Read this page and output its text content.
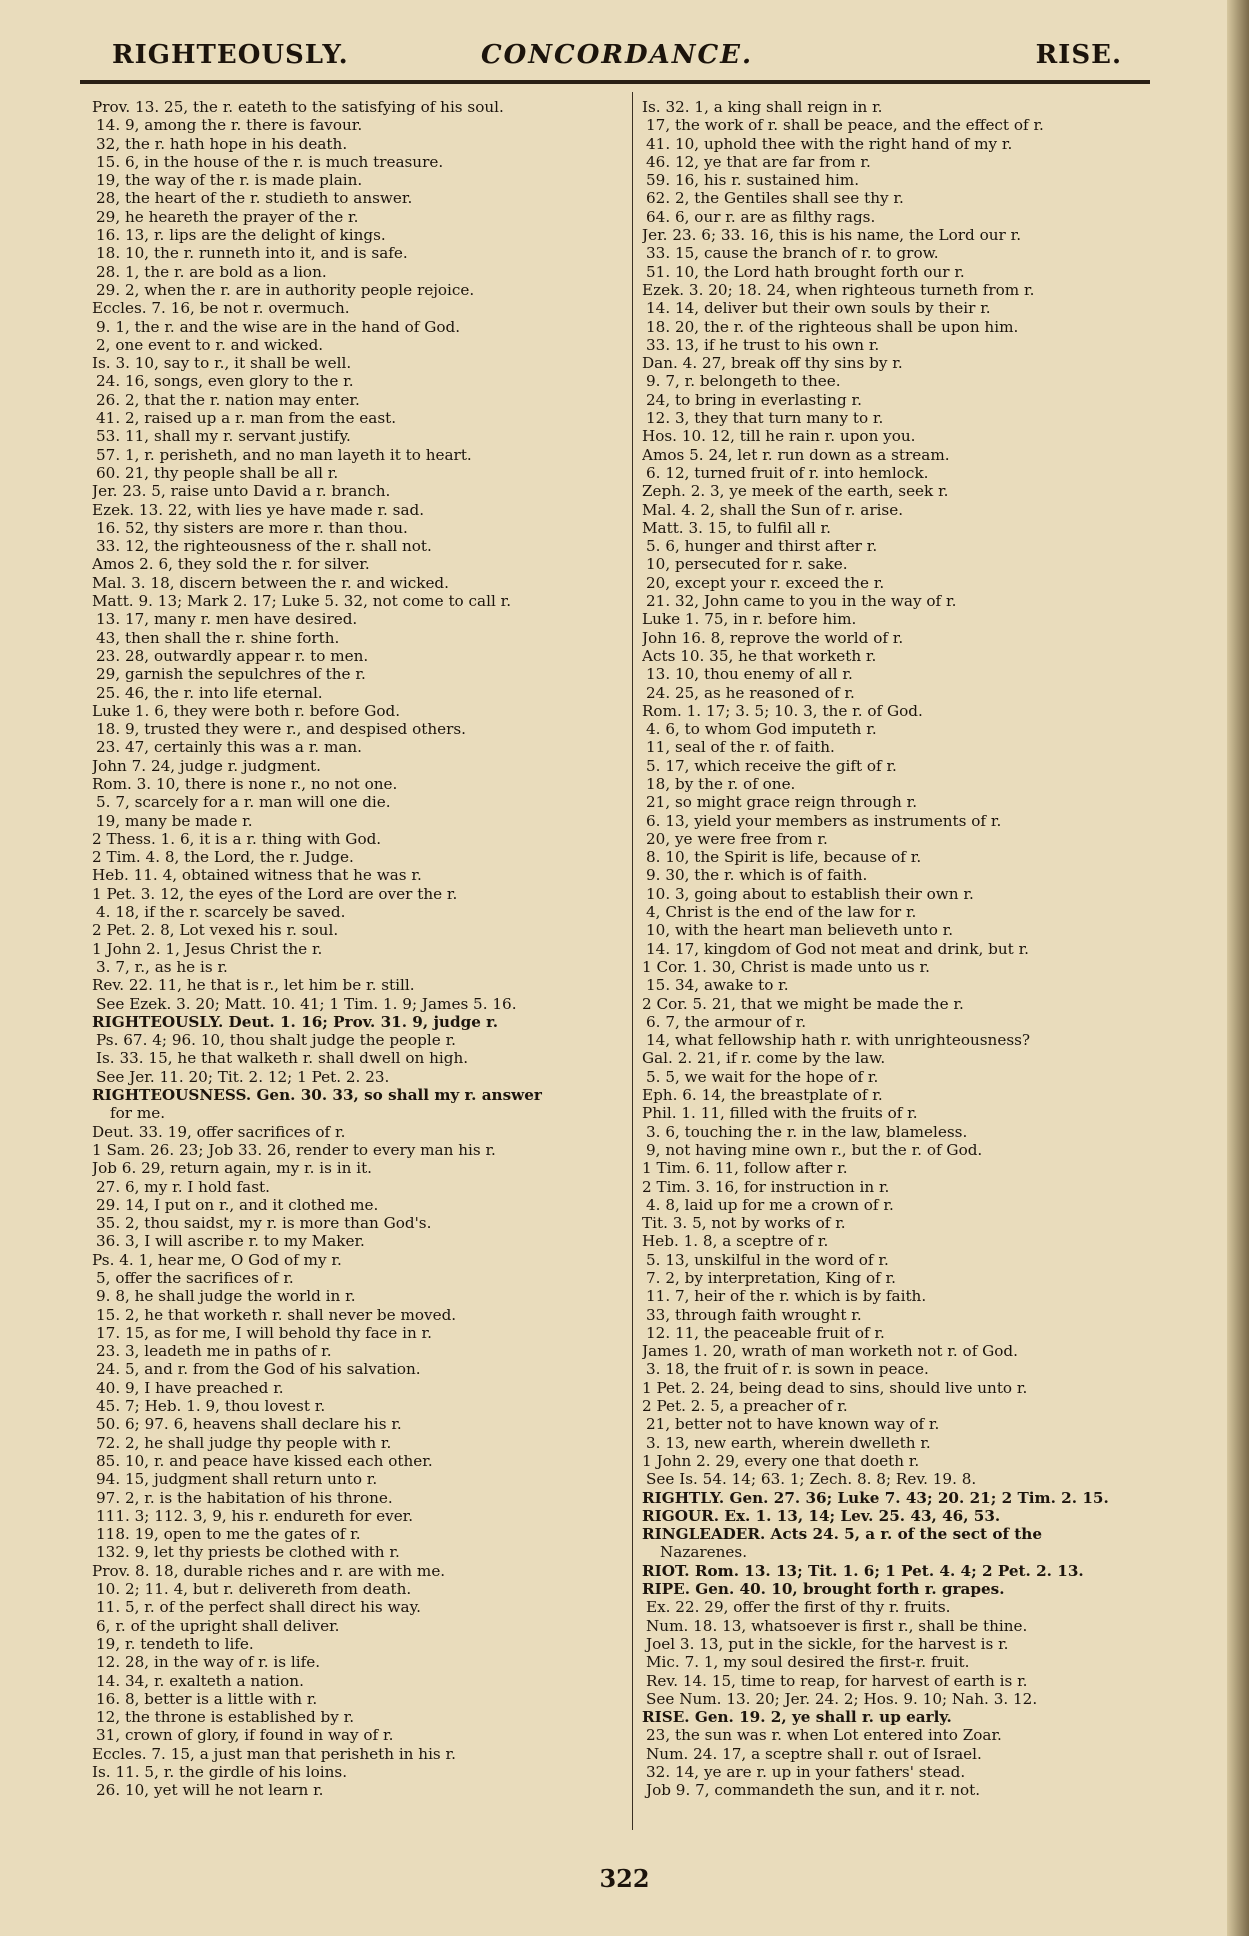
CONCORDANCE.
RIGHTEOUSLY.	RISE.
Prov. 13. 25, the r. eateth to the satisfying of his soul.
14. 9, among the r. there is favour.
32, the r. hath hope in his death.
15. 6, in the house of the r. is much treasure.
19, the way of the r. is made plain.
28, the heart of the r. studieth to answer.
29, he heareth the prayer of the r.
16. 13, r. lips are the delight of kings.
18. 10, the r. runneth into it, and is safe.
28. 1, the r. are bold as a lion.
29. 2, when the r. are in authority people rejoice.
Eccles. 7. 16, be not r. overmuch.
9. 1, the r. and the wise are in the hand of God.
2, one event to r. and wicked.
Is. 3. 10, say to r., it shall be well.
24. 16, songs, even glory to the r.
26. 2, that the r. nation may enter.
41. 2, raised up a r. man from the east.
53. 11, shall my r. servant justify.
57. 1, r. perisheth, and no man layeth it to heart.
60. 21, thy people shall be all r.
Jer. 23. 5, raise unto David a r. branch.
Ezek. 13. 22, with lies ye have made r. sad.
16. 52, thy sisters are more r. than thou.
33. 12, the righteousness of the r. shall not.
Amos 2. 6, they sold the r. for silver.
Mal. 3. 18, discern between the r. and wicked.
Matt. 9. 13; Mark 2. 17; Luke 5. 32, not come to call r.
13. 17, many r. men have desired.
43, then shall the r. shine forth.
23. 28, outwardly appear r. to men.
29, garnish the sepulchres of the r.
25. 46, the r. into life eternal.
Luke 1. 6, they were both r. before God.
18. 9, trusted they were r., and despised others.
23. 47, certainly this was a r. man.
John 7. 24, judge r. judgment.
Rom. 3. 10, there is none r., no not one.
5. 7, scarcely for a r. man will one die.
19, many be made r.
2 Thess. 1. 6, it is a r. thing with God.
2 Tim. 4. 8, the Lord, the r. Judge.
Heb. 11. 4, obtained witness that he was r.
1 Pet. 3. 12, the eyes of the Lord are over the r.
4. 18, if the r. scarcely be saved.
2 Pet. 2. 8, Lot vexed his r. soul.
1 John 2. 1, Jesus Christ the r.
3. 7, r., as he is r.
Rev. 22. 11, he that is r., let him be r. still.
See Ezek. 3. 20; Matt. 10. 41; 1 Tim. 1. 9; James 5. 16.
RIGHTEOUSLY. Deut. 1. 16; Prov. 31. 9, judge r.
Ps. 67. 4; 96. 10, thou shalt judge the people r.
Is. 33. 15, he that walketh r. shall dwell on high.
See Jer. 11. 20; Tit. 2. 12; 1 Pet. 2. 23.
RIGHTEOUSNESS. Gen. 30. 33, so shall my r. answer
for me.
Deut. 33. 19, offer sacrifices of r.
1 Sam. 26. 23; Job 33. 26, render to every man his r.
Job 6. 29, return again, my r. is in it.
27. 6, my r. I hold fast.
29. 14, I put on r., and it clothed me.
35. 2, thou saidst, my r. is more than God's.
36. 3, I will ascribe r. to my Maker.
Ps. 4. 1, hear me, O God of my r.
5, offer the sacrifices of r.
9. 8, he shall judge the world in r.
15. 2, he that worketh r. shall never be moved.
17. 15, as for me, I will behold thy face in r.
23. 3, leadeth me in paths of r.
24. 5, and r. from the God of his salvation.
40. 9, I have preached r.
45. 7; Heb. 1. 9, thou lovest r.
50. 6; 97. 6, heavens shall declare his r.
72. 2, he shall judge thy people with r.
85. 10, r. and peace have kissed each other.
94. 15, judgment shall return unto r.
97. 2, r. is the habitation of his throne.
111. 3; 112. 3, 9, his r. endureth for ever.
118. 19, open to me the gates of r.
132. 9, let thy priests be clothed with r.
Prov. 8. 18, durable riches and r. are with me.
10. 2; 11. 4, but r. delivereth from death.
11. 5, r. of the perfect shall direct his way.
6, r. of the upright shall deliver.
19, r. tendeth to life.
12. 28, in the way of r. is life.
14. 34, r. exalteth a nation.
16. 8, better is a little with r.
12, the throne is established by r.
31, crown of glory, if found in way of r.
Eccles. 7. 15, a just man that perisheth in his r.
Is. 11. 5, r. the girdle of his loins.
26. 10, yet will he not learn r.
Is. 32. 1, a king shall reign in r.
17, the work of r. shall be peace, and the effect of r.
41. 10, uphold thee with the right hand of my r.
46. 12, ye that are far from r.
59. 16, his r. sustained him.
62. 2, the Gentiles shall see thy r.
64. 6, our r. are as filthy rags.
Jer. 23. 6; 33. 16, this is his name, the Lord our r.
33. 15, cause the branch of r. to grow.
51. 10, the Lord hath brought forth our r.
Ezek. 3. 20; 18. 24, when righteous turneth from r.
14. 14, deliver but their own souls by their r.
18. 20, the r. of the righteous shall be upon him.
33. 13, if he trust to his own r.
Dan. 4. 27, break off thy sins by r.
9. 7, r. belongeth to thee.
24, to bring in everlasting r.
12. 3, they that turn many to r.
Hos. 10. 12, till he rain r. upon you.
Amos 5. 24, let r. run down as a stream.
6. 12, turned fruit of r. into hemlock.
Zeph. 2. 3, ye meek of the earth, seek r.
Mal. 4. 2, shall the Sun of r. arise.
Matt. 3. 15, to fulfil all r.
5. 6, hunger and thirst after r.
10, persecuted for r. sake.
20, except your r. exceed the r.
21. 32, John came to you in the way of r.
Luke 1. 75, in r. before him.
John 16. 8, reprove the world of r.
Acts 10. 35, he that worketh r.
13. 10, thou enemy of all r.
24. 25, as he reasoned of r.
Rom. 1. 17; 3. 5; 10. 3, the r. of God.
4. 6, to whom God imputeth r.
11, seal of the r. of faith.
5. 17, which receive the gift of r.
18, by the r. of one.
21, so might grace reign through r.
6. 13, yield your members as instruments of r.
20, ye were free from r.
8. 10, the Spirit is life, because of r.
9. 30, the r. which is of faith.
10. 3, going about to establish their own r.
4, Christ is the end of the law for r.
10, with the heart man believeth unto r.
14. 17, kingdom of God not meat and drink, but r.
1 Cor. 1. 30, Christ is made unto us r.
15. 34, awake to r.
2 Cor. 5. 21, that we might be made the r.
6. 7, the armour of r.
14, what fellowship hath r. with unrighteousness?
Gal. 2. 21, if r. come by the law.
5. 5, we wait for the hope of r.
Eph. 6. 14, the breastplate of r.
Phil. 1. 11, filled with the fruits of r.
3. 6, touching the r. in the law, blameless.
9, not having mine own r., but the r. of God.
1 Tim. 6. 11, follow after r.
2 Tim. 3. 16, for instruction in r.
4. 8, laid up for me a crown of r.
Tit. 3. 5, not by works of r.
Heb. 1. 8, a sceptre of r.
5. 13, unskilful in the word of r.
7. 2, by interpretation, King of r.
11. 7, heir of the r. which is by faith.
33, through faith wrought r.
12. 11, the peaceable fruit of r.
James 1. 20, wrath of man worketh not r. of God.
3. 18, the fruit of r. is sown in peace.
1 Pet. 2. 24, being dead to sins, should live unto r.
2 Pet. 2. 5, a preacher of r.
21, better not to have known way of r.
3. 13, new earth, wherein dwelleth r.
1 John 2. 29, every one that doeth r.
See Is. 54. 14; 63. 1; Zech. 8. 8; Rev. 19. 8.
RIGHTLY. Gen. 27. 36; Luke 7. 43; 20. 21; 2 Tim. 2. 15.
RIGOUR. Ex. 1. 13, 14; Lev. 25. 43, 46, 53.
RINGLEADER. Acts 24. 5, a r. of the sect of the
Nazarenes.
RIOT. Rom. 13. 13; Tit. 1. 6; 1 Pet. 4. 4; 2 Pet. 2. 13.
RIPE. Gen. 40. 10, brought forth r. grapes.
Ex. 22. 29, offer the first of thy r. fruits.
Num. 18. 13, whatsoever is first r., shall be thine.
Joel 3. 13, put in the sickle, for the harvest is r.
Mic. 7. 1, my soul desired the first-r. fruit.
Rev. 14. 15, time to reap, for harvest of earth is r.
See Num. 13. 20; Jer. 24. 2; Hos. 9. 10; Nah. 3. 12.
RISE. Gen. 19. 2, ye shall r. up early.
23, the sun was r. when Lot entered into Zoar.
Num. 24. 17, a sceptre shall r. out of Israel.
32. 14, ye are r. up in your fathers' stead.
Job 9. 7, commandeth the sun, and it r. not.
322
